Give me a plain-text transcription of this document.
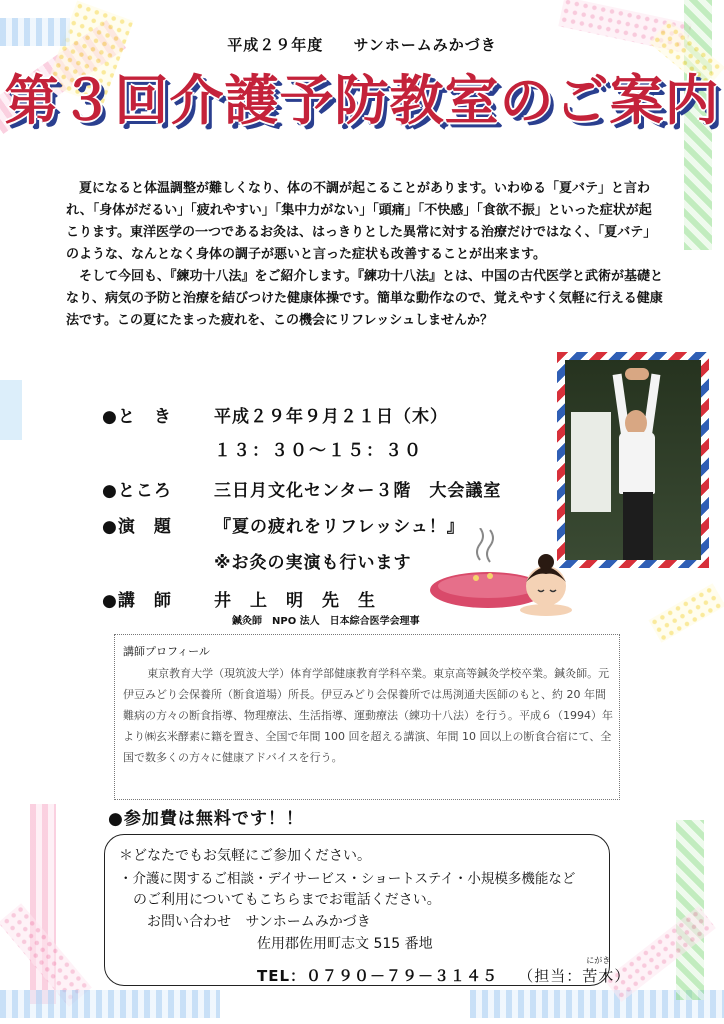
平成２９年度 サンホームみかづき
第３回介護予防教室のご案内

夏になると体温調整が難しくなり、体の不調が起こることがあります。いわゆる「夏バテ」と言われ、「身体がだるい」「疲れやすい」「集中力がない」「頭痛」「不快感」「食欲不振」といった症状が起こります。東洋医学の一つであるお灸は、はっきりとした異常に対する治療だけではなく、「夏バテ」のような、なんとなく身体の調子が悪いと言った症状も改善することが出来ます。

そして今回も、『練功十八法』をご紹介します。『練功十八法』とは、中国の古代医学と武術が基礎となり、病気の予防と治療を結びつけた健康体操です。簡単な動作なので、覚えやすく気軽に行える健康法です。この夏にたまった疲れを、この機会にリフレッシュしませんか？

●と　き 平成２９年９月２１日（木）
１３：３０～１５：３０
●ところ 三日月文化センター３階　大会議室
●演　題 『夏の疲れをリフレッシュ！』
※お灸の実演も行います
●講　師 井　上　明　先　生
鍼灸師　NPO 法人　日本綜合医学会理事
講師プロフィール
東京教育大学（現筑波大学）体育学部健康教育学科卒業。東京高等鍼灸学校卒業。鍼灸師。元伊豆みどり会保養所（断食道場）所長。伊豆みどり会保養所では馬渕通夫医師のもと、約 20 年間難病の方々の断食指導、物理療法、生活指導、運動療法（練功十八法）を行う。平成６（1994）年より㈱玄米酵素に籍を置き、全国で年間 100 回を超える講演、年間 10 回以上の断食合宿にて、全国で数多くの方々に健康アドバイスを行う。
●参加費は無料です！！
＊どなたでもお気軽にご参加ください。
・介護に関するご相談・デイサービス・ショートステイ・小規模多機能など
のご利用についてもこちらまでお電話ください。
お問い合わせ サンホームみかづき
佐用郡佐用町志文 515 番地
TEL：０７９０－７９－３１４５ （担当：
にがき
苦木）
